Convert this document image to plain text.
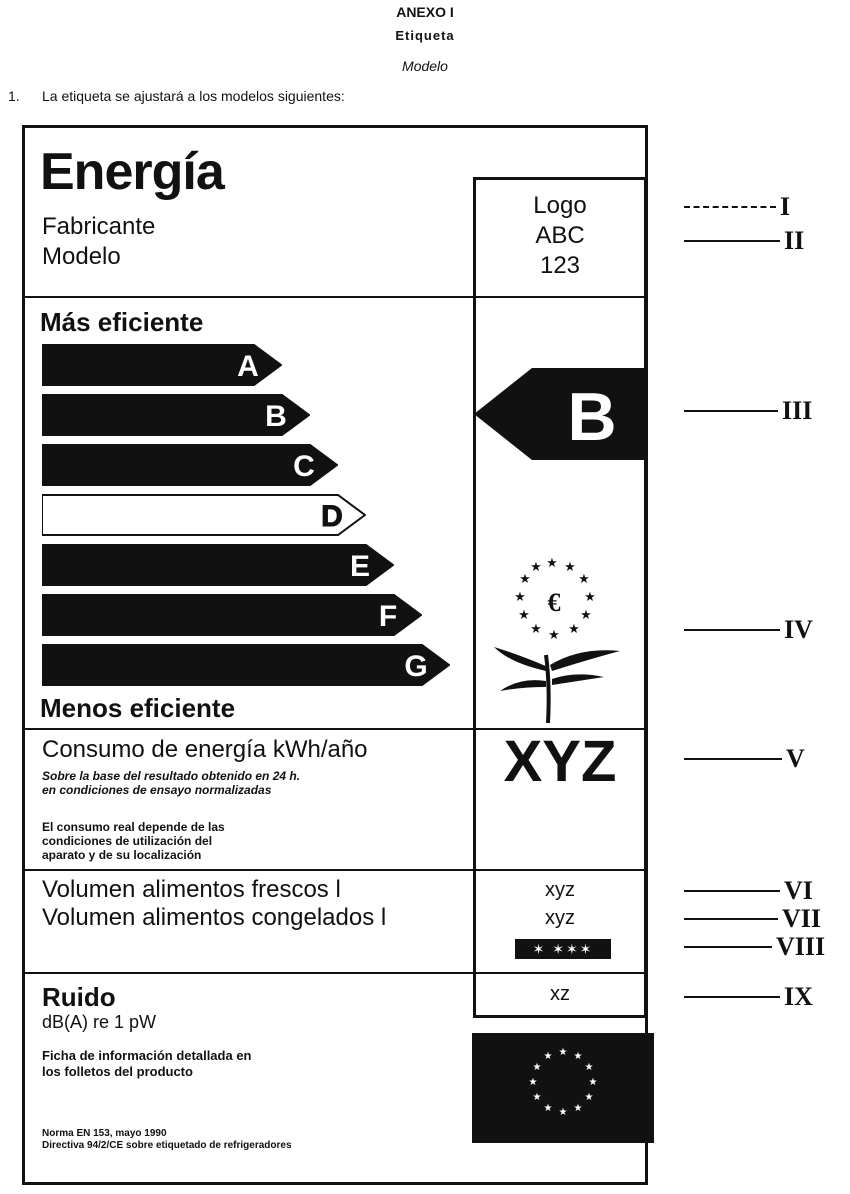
ANEXO I
Etiqueta
Modelo
1. La etiqueta se ajustará a los modelos siguientes:
Energía
Fabricante
Modelo
Logo
ABC
123
Más eficiente
A
B
C
D
E
F
G
Menos eficiente
B
★ ★
★
★
★
★
★
★
★
★
★
★
€
Consumo de energía kWh/año	XYZ
Sobre la base del resultado obtenido en 24 h.
en condiciones de ensayo normalizadas
El consumo real depende de las
condiciones de utilización del
aparato y de su localización
Volumen alimentos frescos l
Volumen alimentos congelados l
xyz
xyz
✶ ✶✶✶
Ruido
dB(A) re 1 pW
xz
Ficha de información detallada en
los folletos del producto
Norma EN 153, mayo 1990
Directiva 94/2/CE sobre etiquetado de refrigeradores
★ ★
★
★
★
★
★
★
★
★
★
★
I
II
III
IV
V
VI
VII
VIII
IX
